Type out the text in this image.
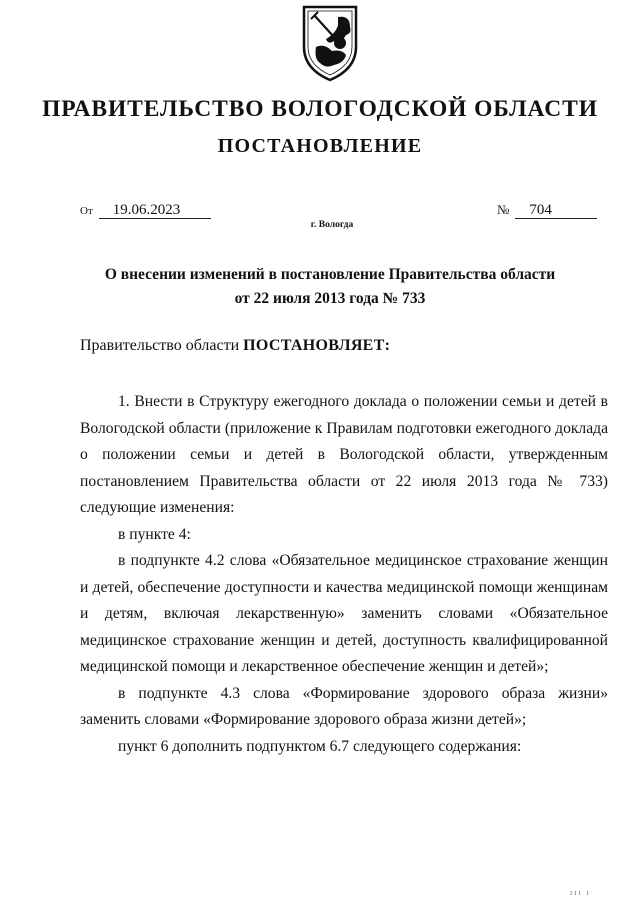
ПРАВИТЕЛЬСТВО ВОЛОГОДСКОЙ ОБЛАСТИ
ПОСТАНОВЛЕНИЕ
От 19.06.2023	№ 704
г. Вологда
О внесении изменений в постановление Правительства области
от 22 июля 2013 года № 733
Правительство области ПОСТАНОВЛЯЕТ:

1. Внести в Структуру ежегодного доклада о положении семьи и детей в Вологодской области (приложение к Правилам подготовки ежегодного доклада о положении семьи и детей в Вологодской области, утвержденным постановлением Правительства области от 22 июля 2013 года № 733) следующие изменения:

в пункте 4:

в подпункте 4.2 слова «Обязательное медицинское страхование женщин и детей, обеспечение доступности и качества медицинской помощи женщинам и детям, включая лекарственную» заменить словами «Обязательное медицинское страхование женщин и детей, доступность квалифицированной медицинской помощи и лекарственное обеспечение женщин и детей»;

в подпункте 4.3 слова «Формирование здорового образа жизни» заменить словами «Формирование здорового образа жизни детей»;

пункт 6 дополнить подпунктом 6.7 следующего содержания:

ııı ı
